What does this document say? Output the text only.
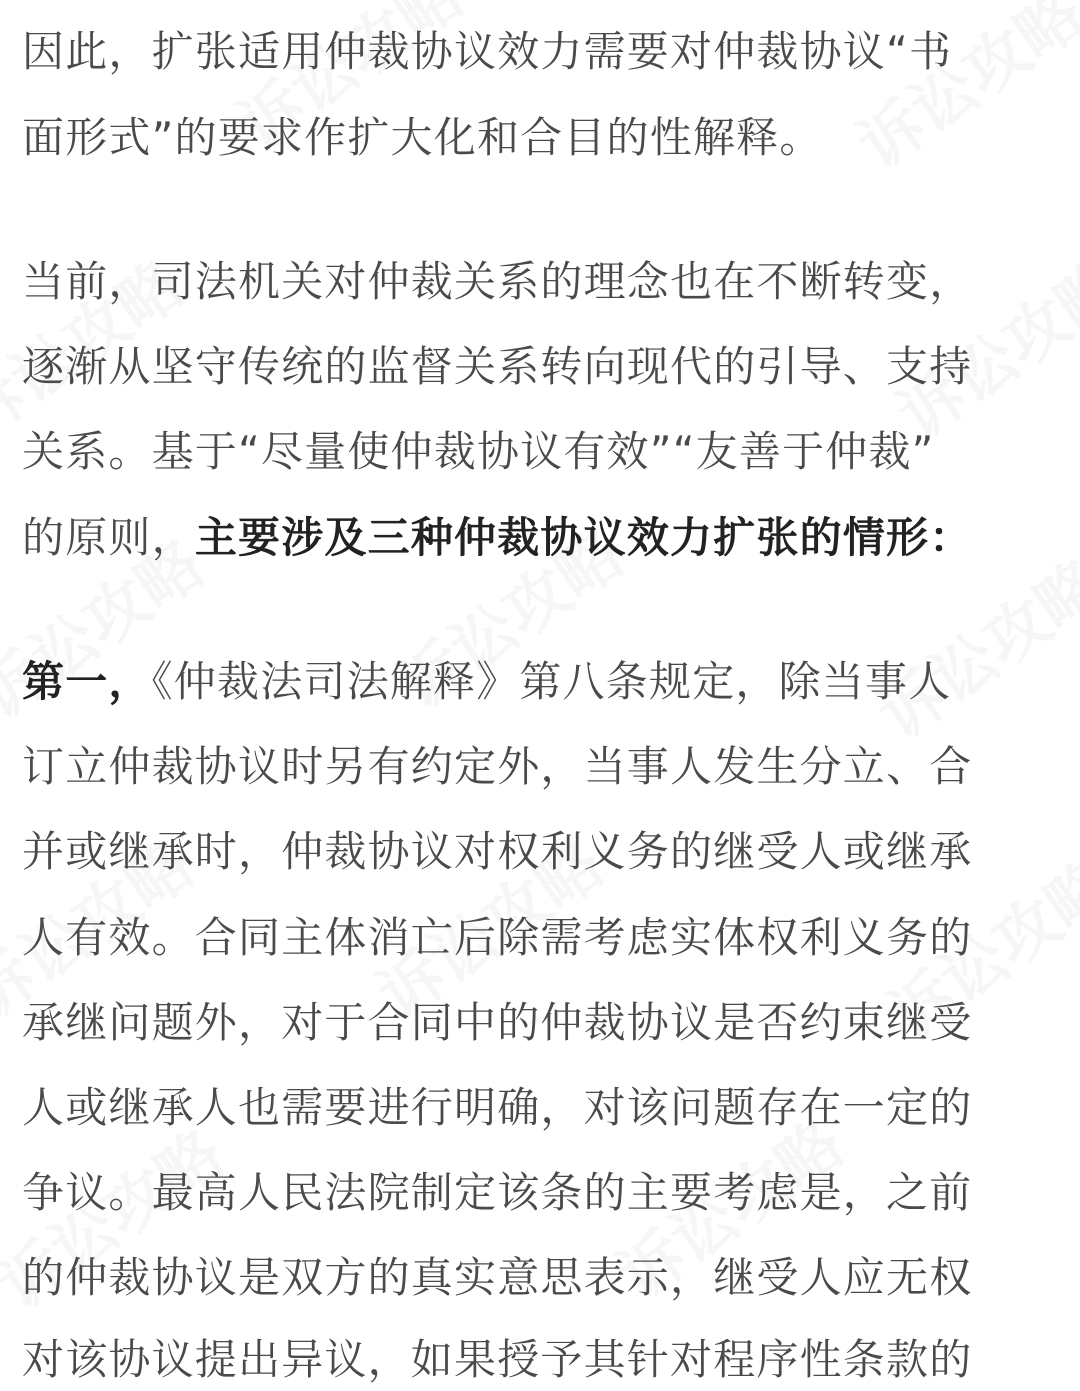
因此，扩张适用仲裁协议效力需要对仲裁协议“书
面形式”的要求作扩大化和合目的性解释。
当前，司法机关对仲裁关系的理念也在不断转变，
逐渐从坚守传统的监督关系转向现代的引导、支持
关系。基于“尽量使仲裁协议有效”“友善于仲裁”
的原则，主要涉及三种仲裁协议效力扩张的情形：
第一，《仲裁法司法解释》第八条规定，除当事人
订立仲裁协议时另有约定外，当事人发生分立、合
并或继承时，仲裁协议对权利义务的继受人或继承
人有效。合同主体消亡后除需考虑实体权利义务的
承继问题外，对于合同中的仲裁协议是否约束继受
人或继承人也需要进行明确，对该问题存在一定的
争议。最高人民法院制定该条的主要考虑是，之前
的仲裁协议是双方的真实意思表示，继受人应无权
对该协议提出异议，如果授予其针对程序性条款的
